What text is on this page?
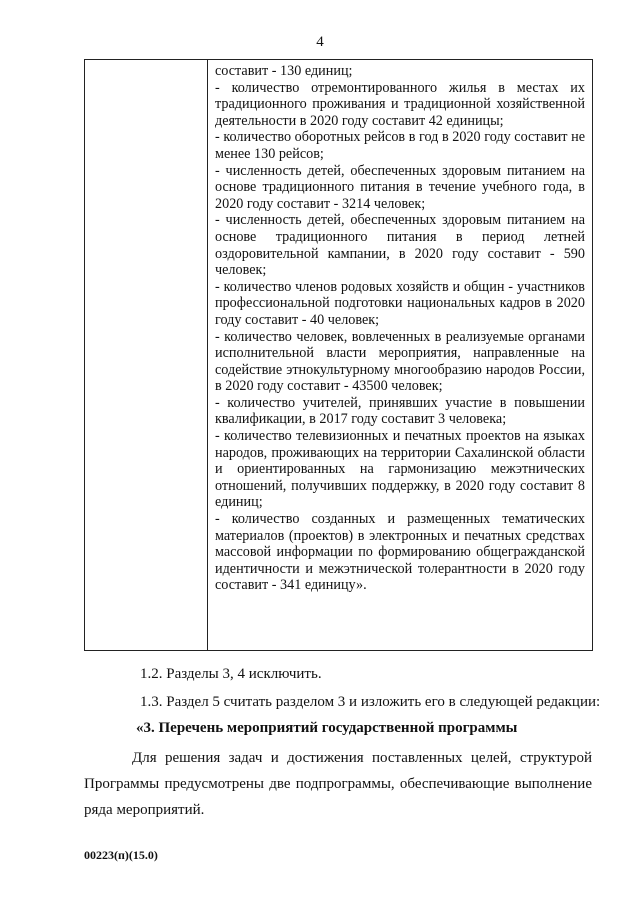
4

составит - 130 единиц;

- количество отремонтированного жилья в местах их традиционного проживания и традиционной хозяйственной деятельности в 2020 году составит 42 единицы;

- количество оборотных рейсов в год в 2020 году составит не менее 130 рейсов;

- численность детей, обеспеченных здоровым питанием на основе традиционного питания в течение учебного года, в 2020 году составит - 3214 человек;

- численность детей, обеспеченных здоровым питанием на основе традиционного питания в период летней оздоровительной кампании, в 2020 году составит - 590 человек;

- количество членов родовых хозяйств и общин - участников профессиональной подготовки национальных кадров в 2020 году составит - 40 человек;

- количество человек, вовлеченных в реализуемые органами исполнительной власти мероприятия, направленные на содействие этнокультурному многообразию народов России, в 2020 году составит - 43500 человек;

- количество учителей, принявших участие в повышении квалификации, в 2017 году составит 3 человека;

- количество телевизионных и печатных проектов на языках народов, проживающих на территории Сахалинской области и ориентированных на гармонизацию межэтнических отношений, получивших поддержку, в 2020 году составит 8 единиц;

- количество созданных и размещенных тематических материалов (проектов) в электронных и печатных средствах массовой информации по формированию общегражданской идентичности и межэтнической толерантности в 2020 году составит - 341 единицу».

1.2. Разделы 3, 4 исключить.
1.3. Раздел 5 считать разделом 3 и изложить его в следующей редакции:
«3. Перечень мероприятий государственной программы
Для решения задач и достижения поставленных целей, структурой Программы предусмотрены две подпрограммы, обеспечивающие выполнение ряда мероприятий.
00223(п)(15.0)
